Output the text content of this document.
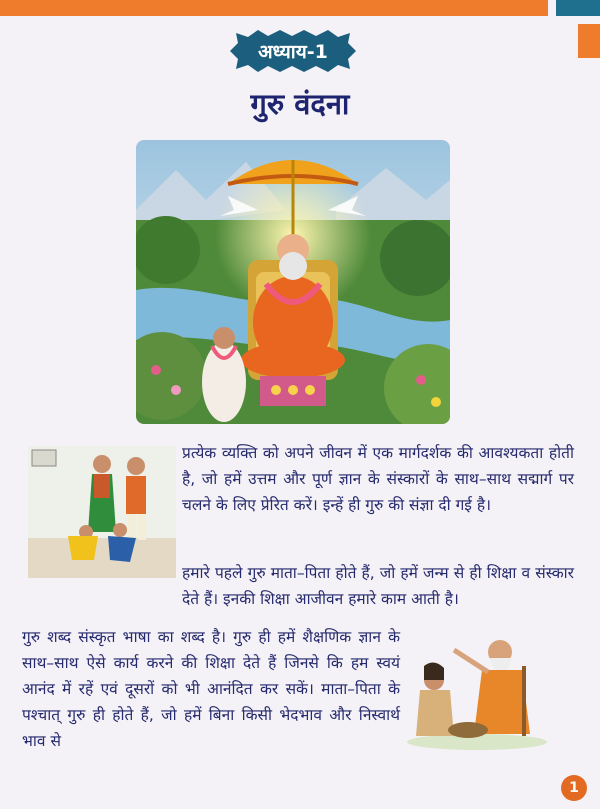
अध्याय-1
गुरु वंदना

प्रत्येक व्यक्ति को अपने जीवन में एक मार्गदर्शक की आवश्यकता होती है, जो हमें उत्तम और पूर्ण ज्ञान के संस्कारों के साथ–साथ सद्मार्ग पर चलने के लिए प्रेरित करें। इन्हें ही गुरु की संज्ञा दी गई है।

हमारे पहले गुरु माता–पिता होते हैं, जो हमें जन्म से ही शिक्षा व संस्कार देते हैं। इनकी शिक्षा आजीवन हमारे काम आती है।

गुरु शब्द संस्कृत भाषा का शब्द है। गुरु ही हमें शैक्षणिक ज्ञान के साथ–साथ ऐसे कार्य करने की शिक्षा देते हैं जिनसे कि हम स्वयं आनंद में रहें एवं दूसरों को भी आनंदित कर सकें। माता–पिता के पश्चात् गुरु ही होते हैं, जो हमें बिना किसी भेदभाव और निस्वार्थ भाव से

1
